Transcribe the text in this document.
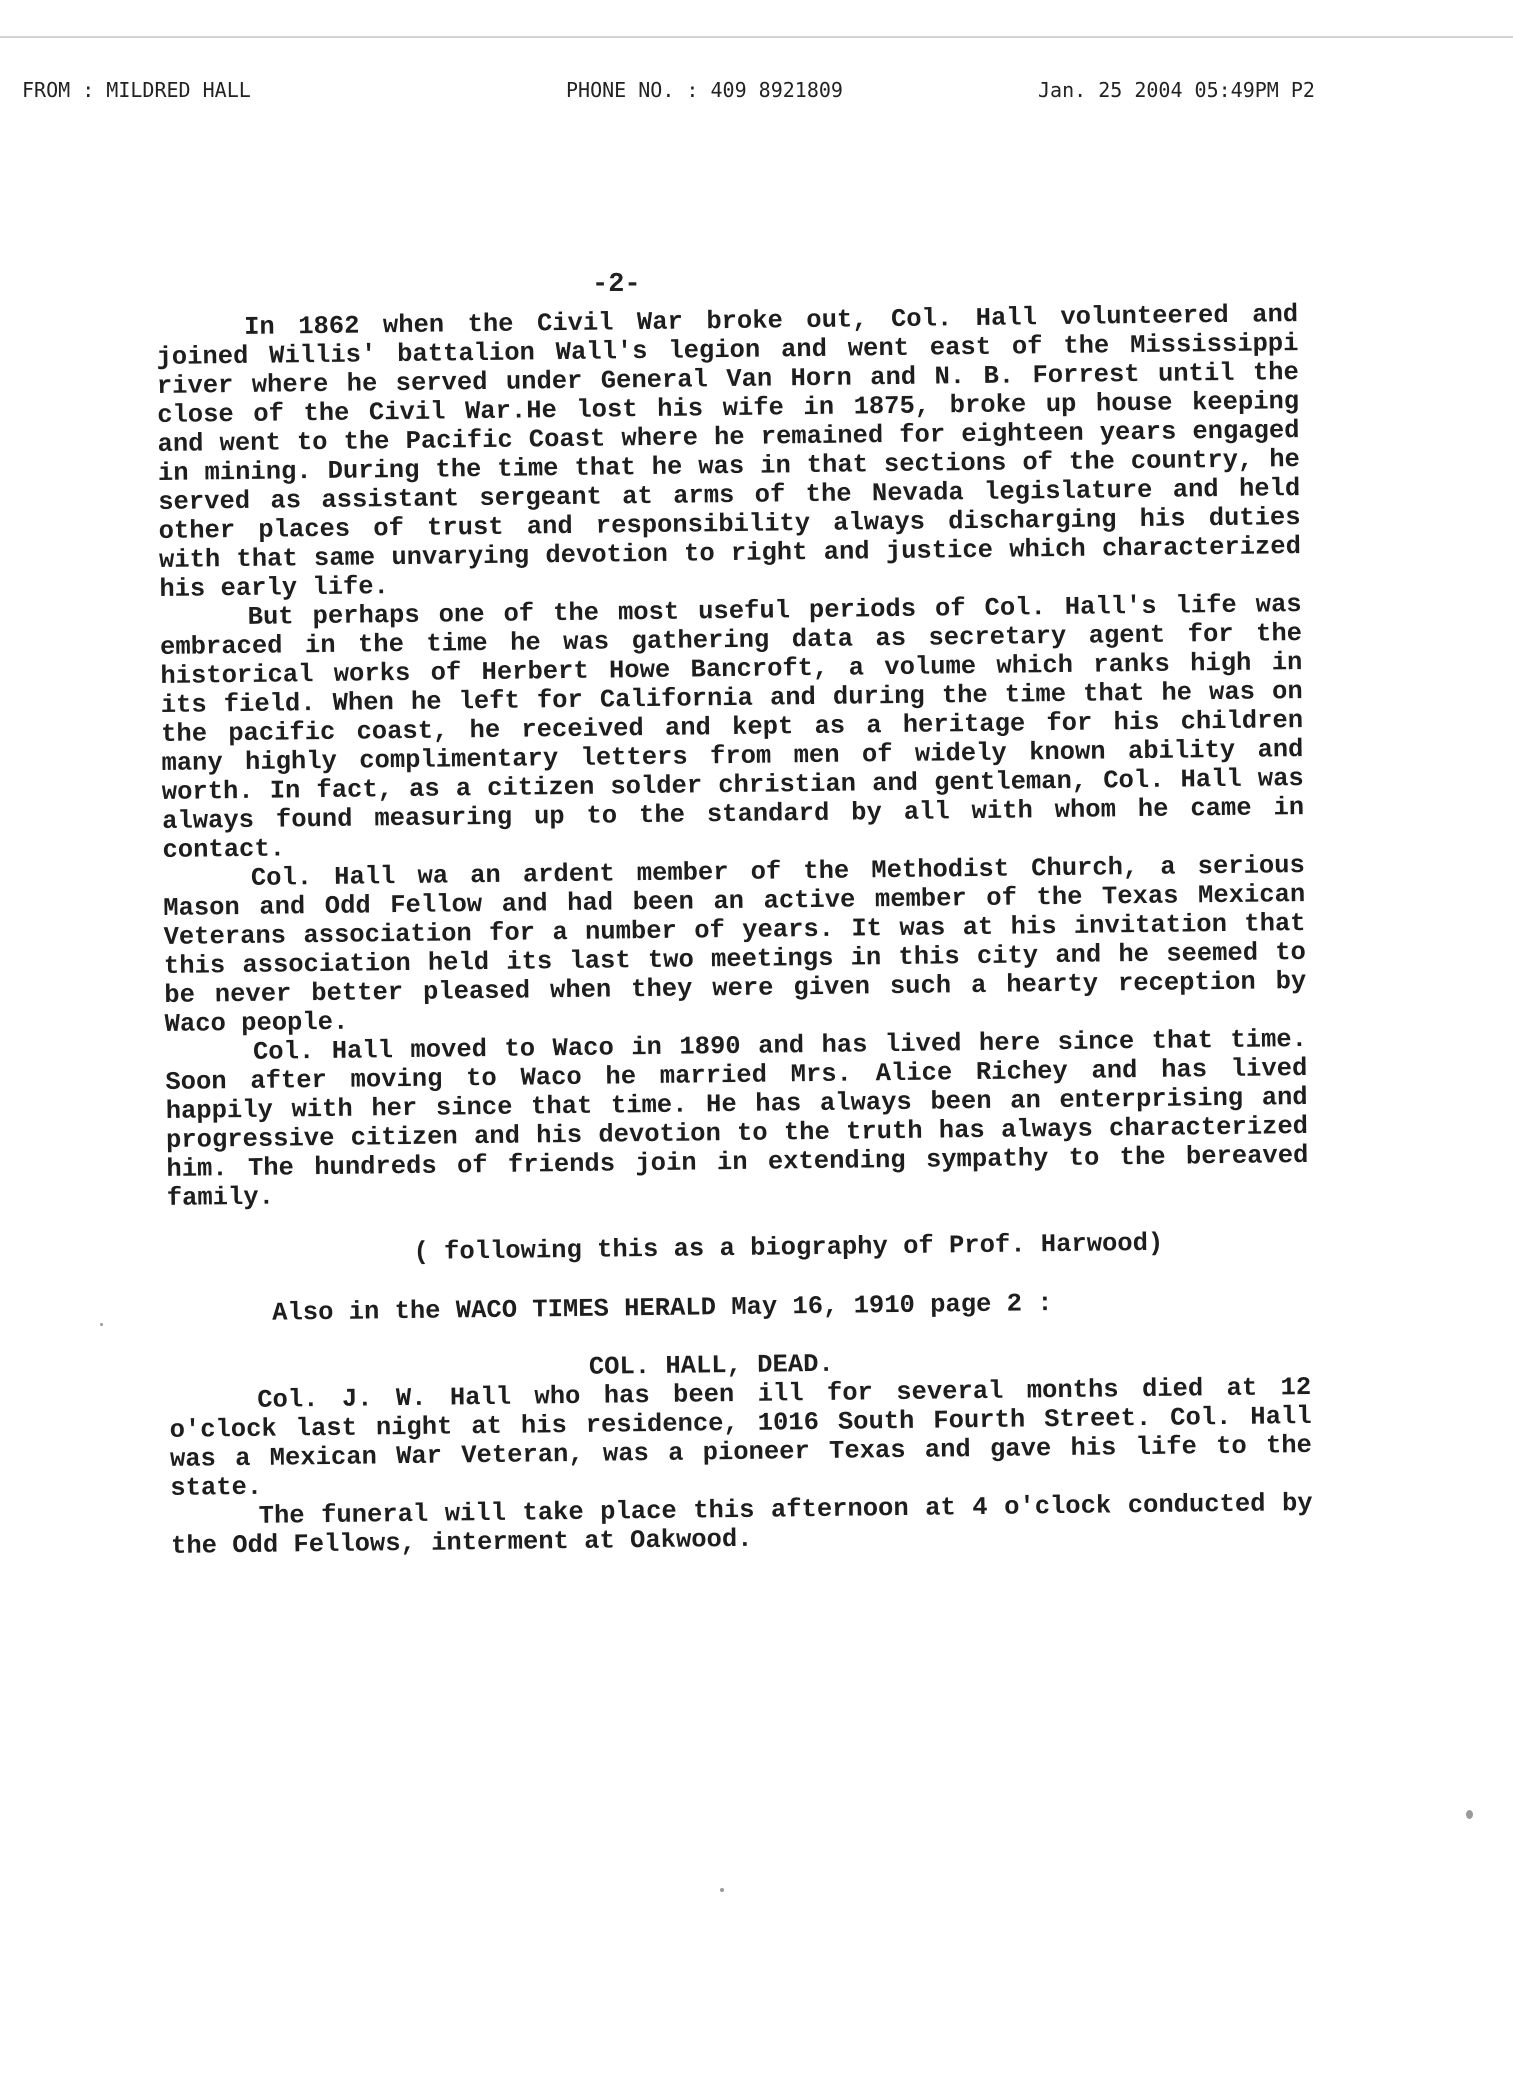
FROM : MILDRED HALL	PHONE NO. : 409 8921809	Jan. 25 2004 05:49PM P2
-2-

In 1862 when the Civil War broke out, Col. Hall volunteered and joined Willis' battalion Wall's legion and went east of the Mississippi river where he served under General Van Horn and N. B. Forrest until the close of the Civil War.He lost his wife in 1875, broke up house keeping and went to the Pacific Coast where he remained for eighteen years engaged in mining. During the time that he was in that sections of the country, he served as assistant sergeant at arms of the Nevada legislature and held other places of trust and responsibility always discharging his duties with that same unvarying devotion to right and justice which characterized his early life.

But perhaps one of the most useful periods of Col. Hall's life was embraced in the time he was gathering data as secretary agent for the historical works of Herbert Howe Bancroft, a volume which ranks high in its field. When he left for California and during the time that he was on the pacific coast, he received and kept as a heritage for his children many highly complimentary letters from men of widely known ability and worth. In fact, as a citizen solder christian and gentleman, Col. Hall was always found measuring up to the standard by all with whom he came in contact.

Col. Hall wa an ardent member of the Methodist Church, a serious Mason and Odd Fellow and had been an active member of the Texas Mexican Veterans association for a number of years. It was at his invitation that this association held its last two meetings in this city and he seemed to be never better pleased when they were given such a hearty reception by Waco people.

Col. Hall moved to Waco in 1890 and has lived here since that time. Soon after moving to Waco he married Mrs. Alice Richey and has lived happily with her since that time. He has always been an enterprising and progressive citizen and his devotion to the truth has always characterized him. The hundreds of friends join in extending sympathy to the bereaved family.

( following this as a biography of Prof. Harwood)

Also in the WACO TIMES HERALD May 16, 1910 page 2 :

COL. HALL, DEAD.

Col. J. W. Hall who has been ill for several months died at 12 o'clock last night at his residence, 1016 South Fourth Street. Col. Hall was a Mexican War Veteran, was a pioneer Texas and gave his life to the state.

The funeral will take place this afternoon at 4 o'clock conducted by the Odd Fellows, interment at Oakwood.
